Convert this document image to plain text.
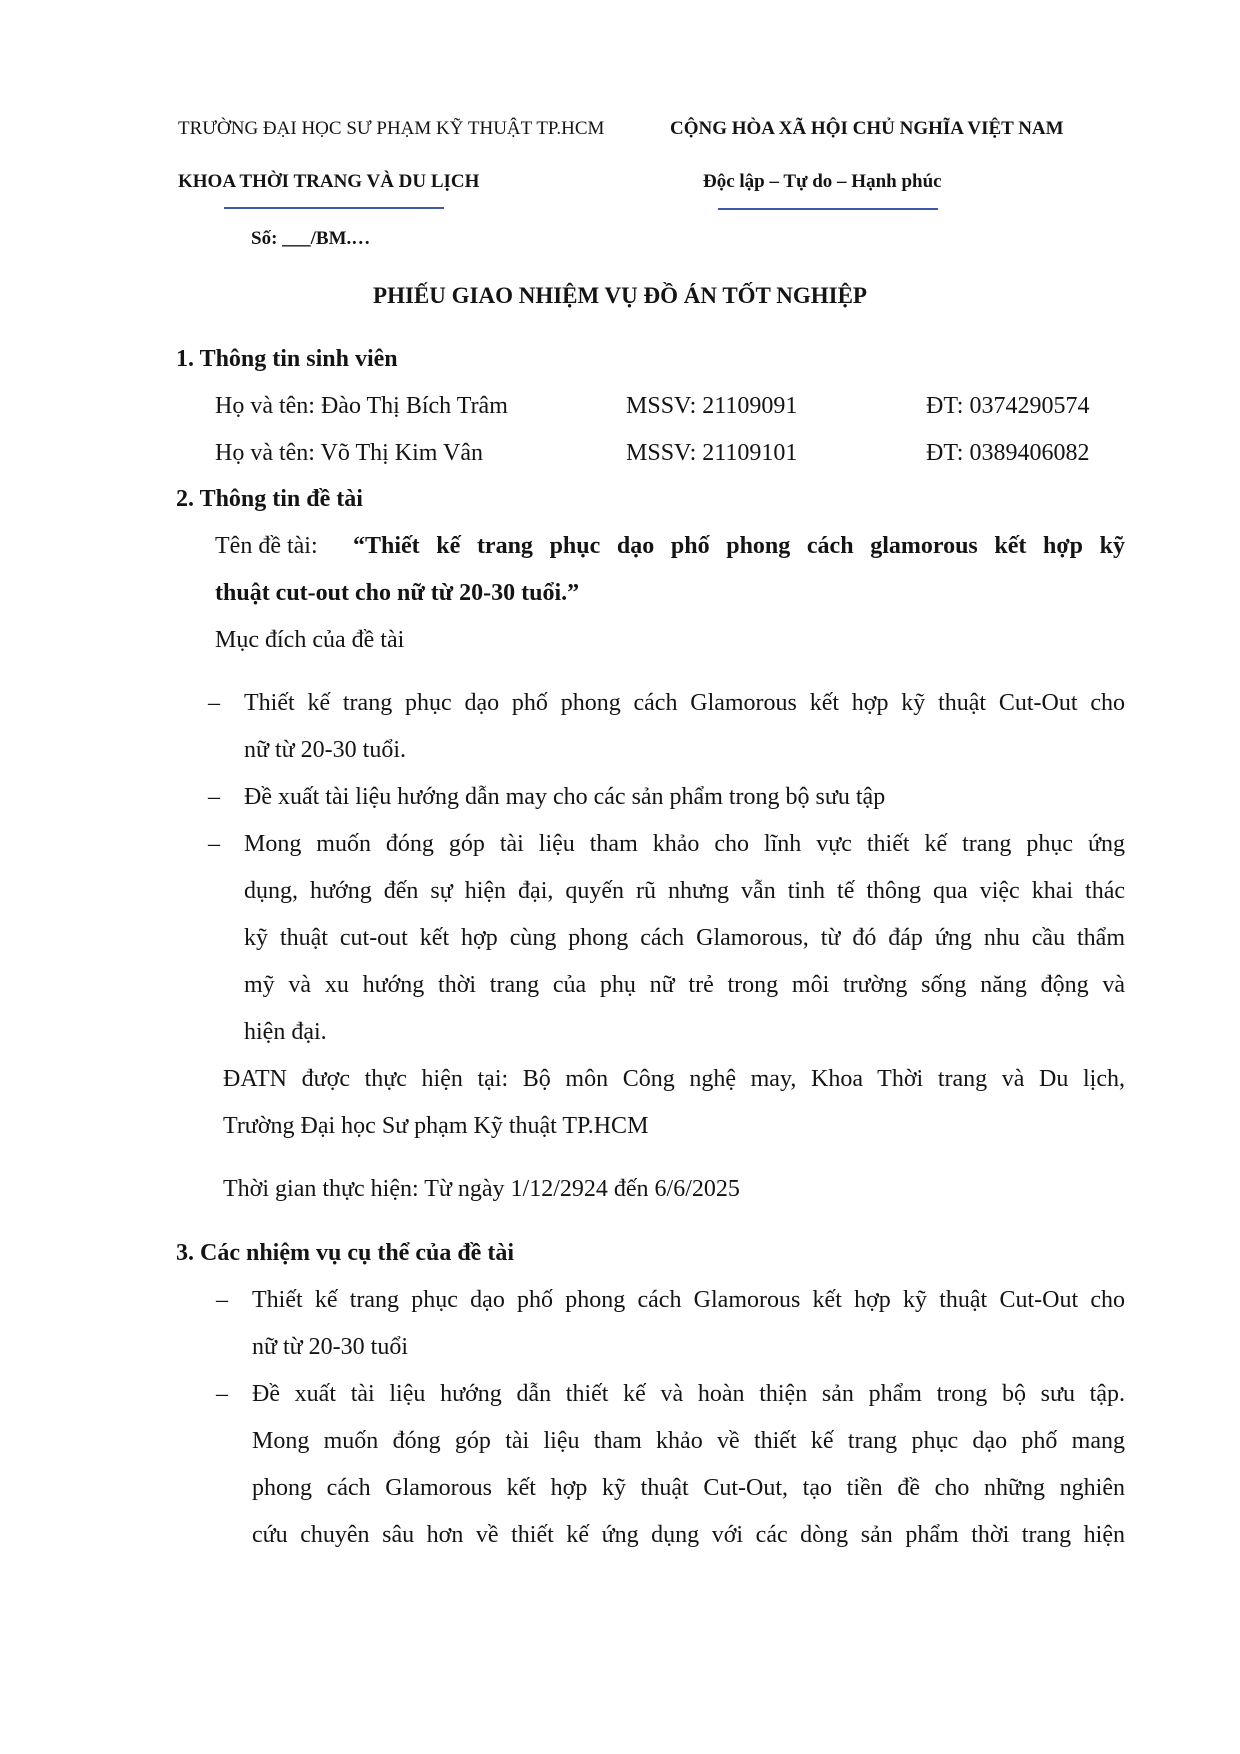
TRƯỜNG ĐẠI HỌC SƯ PHẠM KỸ THUẬT TP.HCM	CỘNG HÒA XÃ HỘI CHỦ NGHĨA VIỆT NAM
KHOA THỜI TRANG VÀ DU LỊCH	Độc lập – Tự do – Hạnh phúc
Số: ___/BM.…
PHIẾU GIAO NHIỆM VỤ ĐỒ ÁN TỐT NGHIỆP
1. Thông tin sinh viên
Họ và tên: Đào Thị Bích Trâm	MSSV: 21109091	ĐT: 0374290574
Họ và tên: Võ Thị Kim Vân	MSSV: 21109101	ĐT: 0389406082
2. Thông tin đề tài
Tên đề tài: “Thiết kế trang phục dạo phố phong cách glamorous kết hợp kỹ
thuật cut-out cho nữ từ 20-30 tuổi.”
Mục đích của đề tài
– Thiết kế trang phục dạo phố phong cách Glamorous kết hợp kỹ thuật Cut-Out cho
nữ từ 20-30 tuổi.
– Đề xuất tài liệu hướng dẫn may cho các sản phẩm trong bộ sưu tập
– Mong muốn đóng góp tài liệu tham khảo cho lĩnh vực thiết kế trang phục ứng
dụng, hướng đến sự hiện đại, quyến rũ nhưng vẫn tinh tế thông qua việc khai thác
kỹ thuật cut-out kết hợp cùng phong cách Glamorous, từ đó đáp ứng nhu cầu thẩm
mỹ và xu hướng thời trang của phụ nữ trẻ trong môi trường sống năng động và
hiện đại.
ĐATN được thực hiện tại: Bộ môn Công nghệ may, Khoa Thời trang và Du lịch,
Trường Đại học Sư phạm Kỹ thuật TP.HCM
Thời gian thực hiện: Từ ngày 1/12/2924 đến 6/6/2025
3. Các nhiệm vụ cụ thể của đề tài
– Thiết kế trang phục dạo phố phong cách Glamorous kết hợp kỹ thuật Cut-Out cho
nữ từ 20-30 tuổi
– Đề xuất tài liệu hướng dẫn thiết kế và hoàn thiện sản phẩm trong bộ sưu tập.
Mong muốn đóng góp tài liệu tham khảo về thiết kế trang phục dạo phố mang
phong cách Glamorous kết hợp kỹ thuật Cut-Out, tạo tiền đề cho những nghiên
cứu chuyên sâu hơn về thiết kế ứng dụng với các dòng sản phẩm thời trang hiện
